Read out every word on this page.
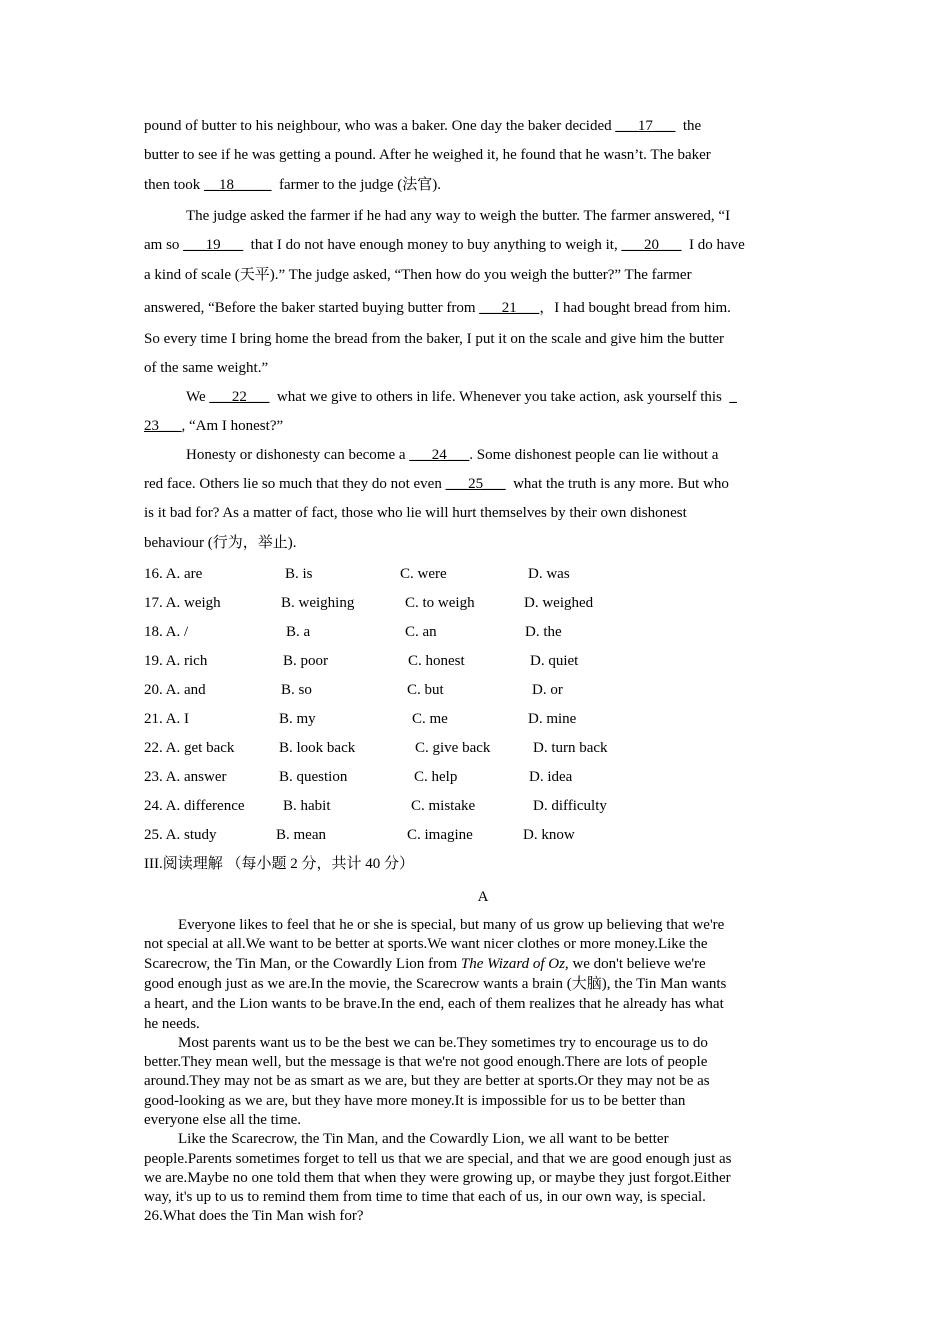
pound of butter to his neighbour, who was a baker. One day the baker decided ___17___  the
butter to see if he was getting a pound. After he weighed it, he found that he wasn’t. The baker
then took __18_____  farmer to the judge (法官).
The judge asked the farmer if he had any way to weigh the butter. The farmer answered, “I
am so ___19___  that I do not have enough money to buy anything to weigh it, ___20___  I do have
a kind of scale (天平).” The judge asked, “Then how do you weigh the butter?” The farmer
answered, “Before the baker started buying butter from ___21___，I had bought bread from him.
So every time I bring home the bread from the baker, I put it on the scale and give him the butter
of the same weight.”
We ___22___  what we give to others in life. Whenever you take action, ask yourself this  _
23___, “Am I honest?”
Honesty or dishonesty can become a ___24___. Some dishonest people can lie without a
red face. Others lie so much that they do not even ___25___  what the truth is any more. But who
is it bad for? As a matter of fact, those who lie will hurt themselves by their own dishonest
behaviour (行为，举止).
16. A. are	B. is	C. were	D. was
17. A. weigh	B. weighing	C. to weigh	D. weighed
18. A. /	B. a	C. an	D. the
19. A. rich	B. poor	C. honest	D. quiet
20. A. and	B. so	C. but	D. or
21. A. I	B. my	C. me	D. mine
22. A. get back	B. look back	C. give back	D. turn back
23. A. answer	B. question	C. help	D. idea
24. A. difference	B. habit	C. mistake	D. difficulty
25. A. study	B. mean	C. imagine	D. know
III.阅读理解 （每小题 2 分，共计 40 分）
A
Everyone likes to feel that he or she is special, but many of us grow up believing that we're
not special at all.We want to be better at sports.We want nicer clothes or more money.Like the
Scarecrow, the Tin Man, or the Cowardly Lion from The Wizard of Oz, we don't believe we're
good enough just as we are.In the movie, the Scarecrow wants a brain (大脑), the Tin Man wants
a heart, and the Lion wants to be brave.In the end, each of them realizes that he already has what
he needs.
Most parents want us to be the best we can be.They sometimes try to encourage us to do
better.They mean well, but the message is that we're not good enough.There are lots of people
around.They may not be as smart as we are, but they are better at sports.Or they may not be as
good-looking as we are, but they have more money.It is impossible for us to be better than
everyone else all the time.
Like the Scarecrow, the Tin Man, and the Cowardly Lion, we all want to be better
people.Parents sometimes forget to tell us that we are special, and that we are good enough just as
we are.Maybe no one told them that when they were growing up, or maybe they just forgot.Either
way, it's up to us to remind them from time to time that each of us, in our own way, is special.
26.What does the Tin Man wish for?
